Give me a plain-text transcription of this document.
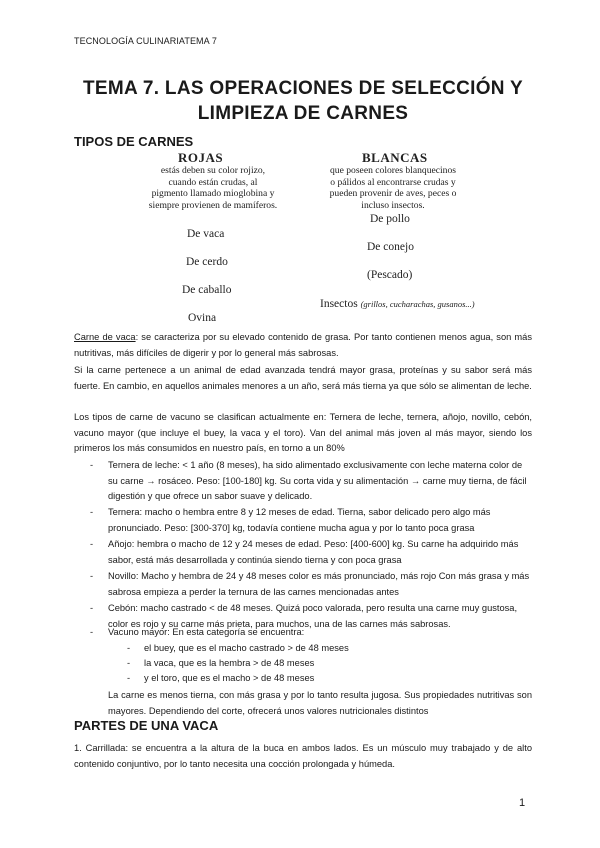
TECNOLOGÍA CULINARIATEMA 7
TEMA 7. LAS OPERACIONES DE SELECCIÓN Y
LIMPIEZA DE CARNES
TIPOS DE CARNES
ROJAS
estás deben su color rojizo,
cuando están crudas, al
pigmento llamado mioglobina y
siempre provienen de mamíferos.
De vaca
De cerdo
De caballo
Ovina
BLANCAS
que poseen colores blanquecinos
o pálidos al encontrarse crudas y
pueden provenir de aves, peces o
incluso insectos.
De pollo
De conejo
(Pescado)
Insectos (grillos, cucharachas, gusanos...)
Carne de vaca: se caracteriza por su elevado contenido de grasa. Por tanto contienen menos agua, son más nutritivas, más difíciles de digerir y por lo general más sabrosas.
Si la carne pertenece a un animal de edad avanzada tendrá mayor grasa, proteínas y su sabor será más fuerte. En cambio, en aquellos animales menores a un año, será más tierna ya que sólo se alimentan de leche.
Los tipos de carne de vacuno se clasifican actualmente en: Ternera de leche, ternera, añojo, novillo, cebón, vacuno mayor (que incluye el buey, la vaca y el toro). Van del animal más joven al más mayor, siendo los primeros los más consumidos en nuestro país, en torno a un 80%
- Ternera de leche: < 1 año (8 meses), ha sido alimentado exclusivamente con leche materna color de su carne → rosáceo. Peso: [100-180] kg. Su corta vida y su alimentación → carne muy tierna, de fácil digestión y que ofrece un sabor suave y delicado.
- Ternera: macho o hembra entre 8 y 12 meses de edad. Tierna, sabor delicado pero algo más pronunciado. Peso: [300-370] kg, todavía contiene mucha agua y por lo tanto poca grasa
- Añojo: hembra o macho de 12 y 24 meses de edad. Peso: [400-600] kg. Su carne ha adquirido más sabor, está más desarrollada y continúa siendo tierna y con poca grasa
- Novillo: Macho y hembra de 24 y 48 meses color es más pronunciado, más rojo Con más grasa y más sabrosa empieza a perder la ternura de las carnes mencionadas antes
- Cebón: macho castrado < de 48 meses. Quizá poco valorada, pero resulta una carne muy gustosa, color es rojo y su carne más prieta, para muchos, una de las carnes más sabrosas.
- Vacuno mayor: En esta categoría se encuentra:
- el buey, que es el macho castrado > de 48 meses
- la vaca, que es la hembra > de 48 meses
- y el toro, que es el macho > de 48 meses
La carne es menos tierna, con más grasa y por lo tanto resulta jugosa. Sus propiedades nutritivas son mayores. Dependiendo del corte, ofrecerá unos valores nutricionales distintos
PARTES DE UNA VACA
1. Carrillada: se encuentra a la altura de la buca en ambos lados. Es un músculo muy trabajado y de alto contenido conjuntivo, por lo tanto necesita una cocción prolongada y húmeda.
1
